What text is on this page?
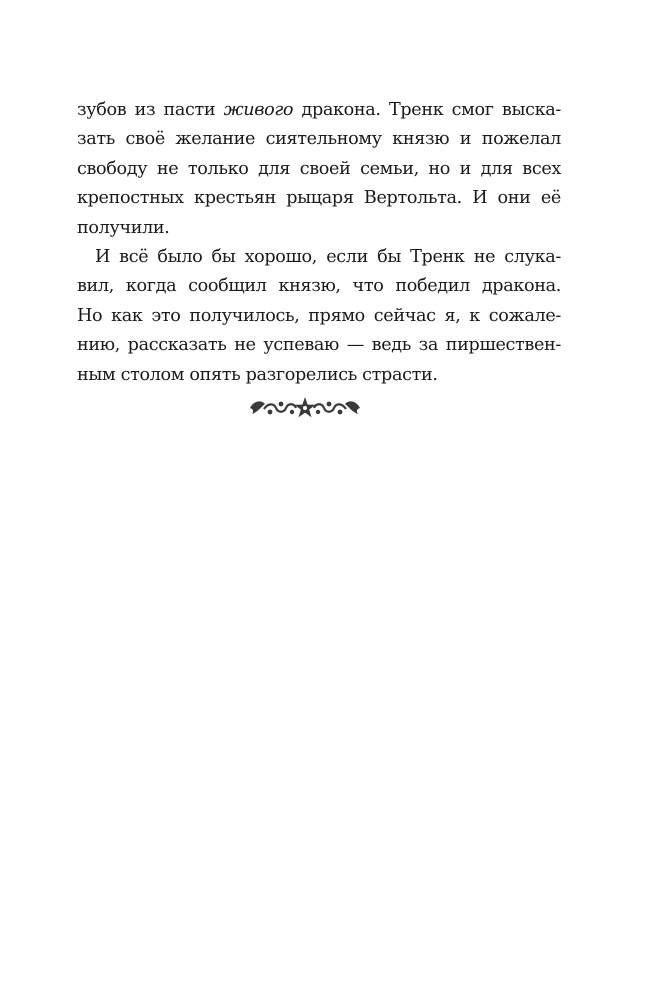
зубов из пасти живого дракона. Тренк смог выска-
зать своё желание сиятельному князю и пожелал
свободу не только для своей семьи, но и для всех
крепостных крестьян рыцаря Вертольта. И они её
получили.
И всё было бы хорошо, если бы Тренк не слука-
вил, когда сообщил князю, что победил дракона.
Но как это получилось, прямо сейчас я, к сожале-
нию, рассказать не успеваю — ведь за пиршествен-
ным столом опять разгорелись страсти.
